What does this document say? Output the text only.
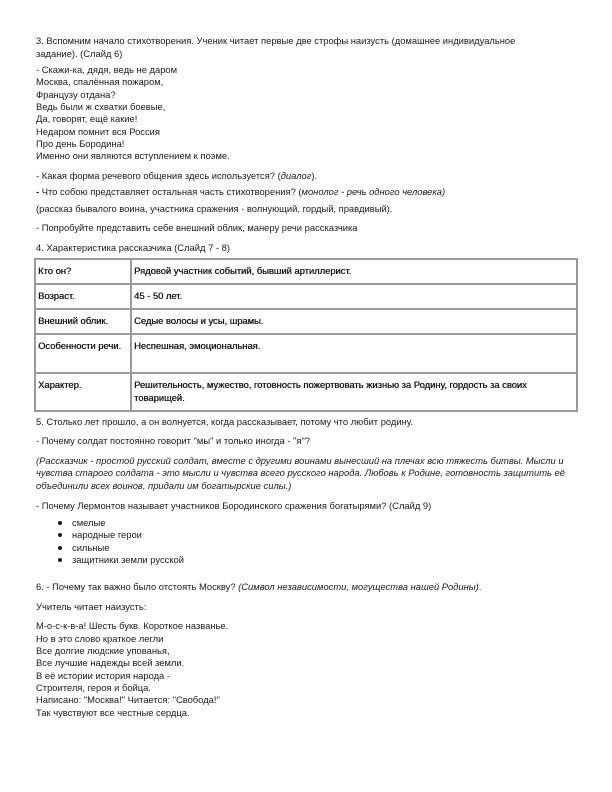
3. Вспомним начало стихотворения. Ученик читает первые две строфы наизусть (домашнее индивидуальное

задание). (Слайд 6)

- Скажи-ка, дядя, ведь не даром

Москва, спалённая пожаром,

Французу отдана?

Ведь были ж схватки боевые,

Да, говорят, ещё какие!

Недаром помнит вся Россия

Про день Бородина!

Именно они являются вступлением к поэме.

- Какая форма речевого общения здесь используется? (диалог).

- Что собою представляет остальная часть стихотворения? (монолог - речь одного человека)

(рассказ бывалого воина, участника сражения - волнующий, гордый, правдивый).

- Попробуйте представить себе внешний облик, манеру речи рассказчика

4. Характеристика рассказчика (Слайд 7 - 8)

Кто он?	Рядовой участник событий, бывший артиллерист.
Возраст.	45 - 50 лет.
Внешний облик.	Седые волосы и усы, шрамы.
Особенности речи.	Неспешная, эмоциональная.
Характер.	Решительность, мужество, готовность пожертвовать жизнью за Родину, гордость за своих товарищей.

5. Столько лет прошло, а он волнуется, когда рассказывает, потому что любит родину.

- Почему солдат постоянно говорит "мы" и только иногда - "я"?

(Рассказчик - простой русский солдат, вместе с другими воинами вынесший на плечах всю тяжесть битвы. Мысли и чувства старого солдата - это мысли и чувства всего русского народа. Любовь к Родине, готовность защитить её объединили всех воинов, придали им богатырские силы.)

- Почему Лермонтов называет участников Бородинского сражения богатырями? (Слайд 9)

смелые
народные герои
сильные
защитники земли русской

6. - Почему так важно было отстоять Москву? (Символ независимости, могущества нашей Родины).

Учитель читает наизусть:

М-о-с-к-в-а! Шесть букв. Короткое названье.

Но в это слово краткое легли

Все долгие людские упованья,

Все лучшие надежды всей земли.

В её истории история народа -

Строителя, героя и бойца.

Написано: "Москва!" Читается: "Свобода!"

Так чувствуют все честные сердца.
